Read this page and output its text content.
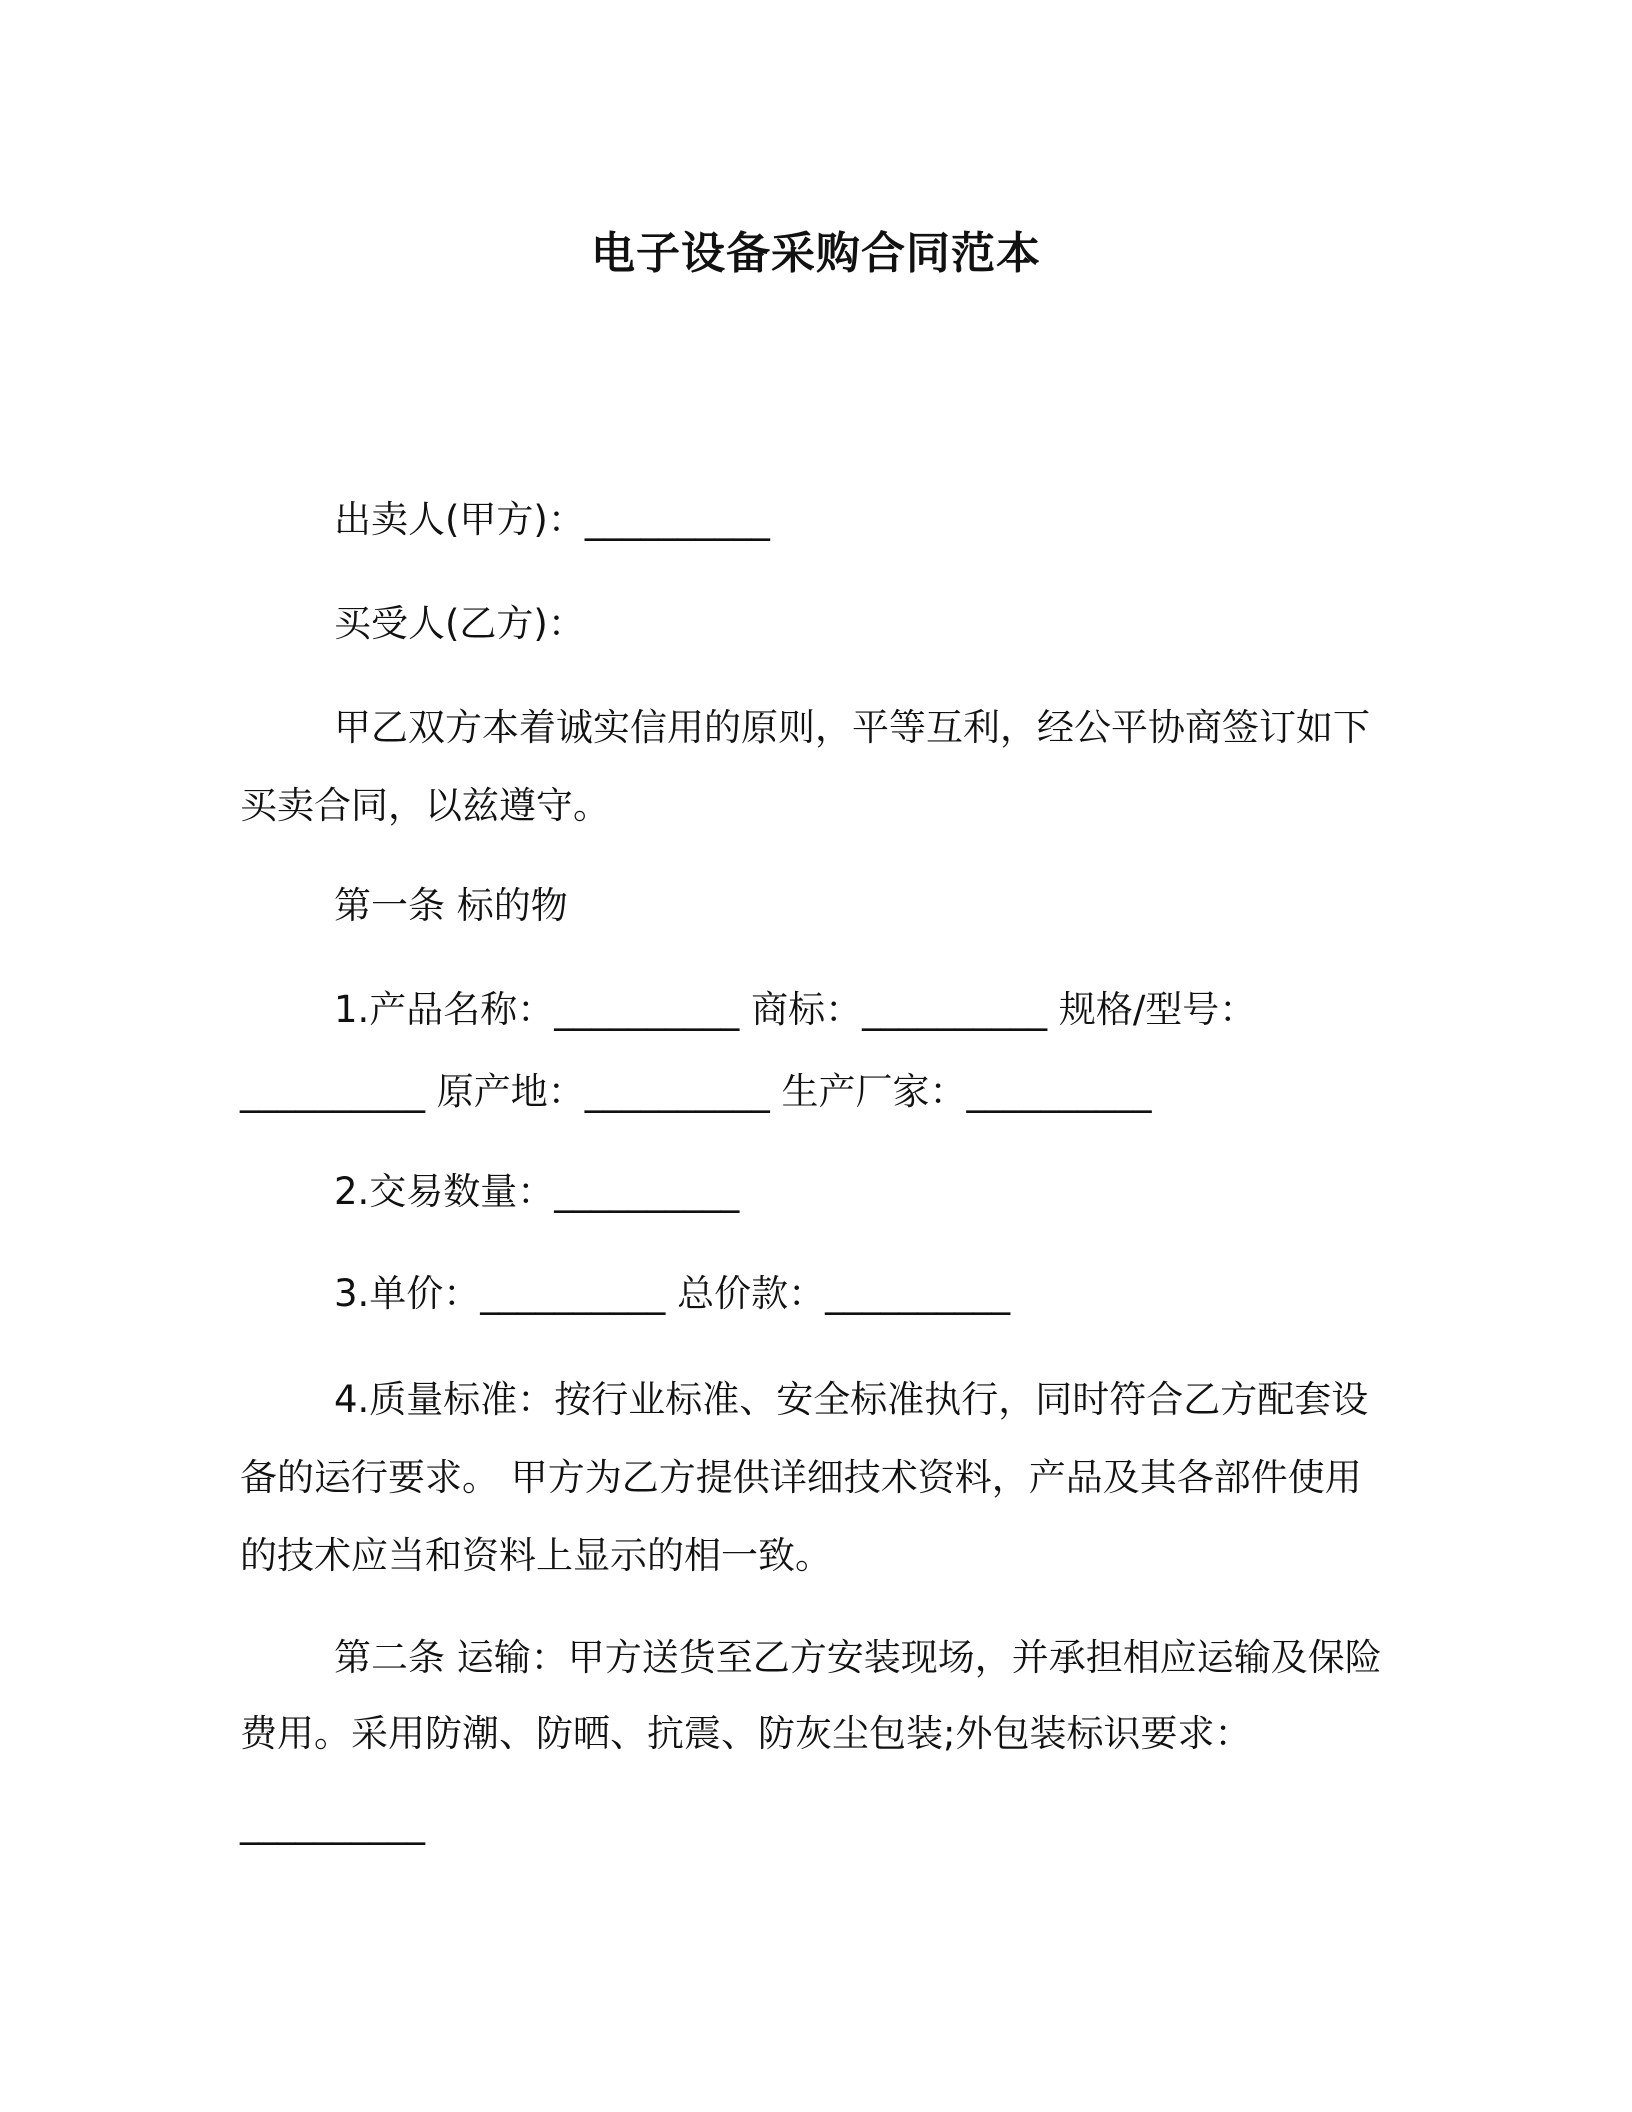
电子设备采购合同范本
出卖人(甲方)：__________
买受人(乙方)：
甲乙双方本着诚实信用的原则，平等互利，经公平协商签订如下
买卖合同，以兹遵守。
第一条 标的物
1.产品名称：__________ 商标：__________ 规格/型号：
__________ 原产地：__________ 生产厂家：__________
2.交易数量：__________
3.单价：__________ 总价款：__________
4.质量标准：按行业标准、安全标准执行，同时符合乙方配套设
备的运行要求。 甲方为乙方提供详细技术资料，产品及其各部件使用
的技术应当和资料上显示的相一致。
第二条 运输：甲方送货至乙方安装现场，并承担相应运输及保险
费用。采用防潮、防晒、抗震、防灰尘包装;外包装标识要求：
__________
